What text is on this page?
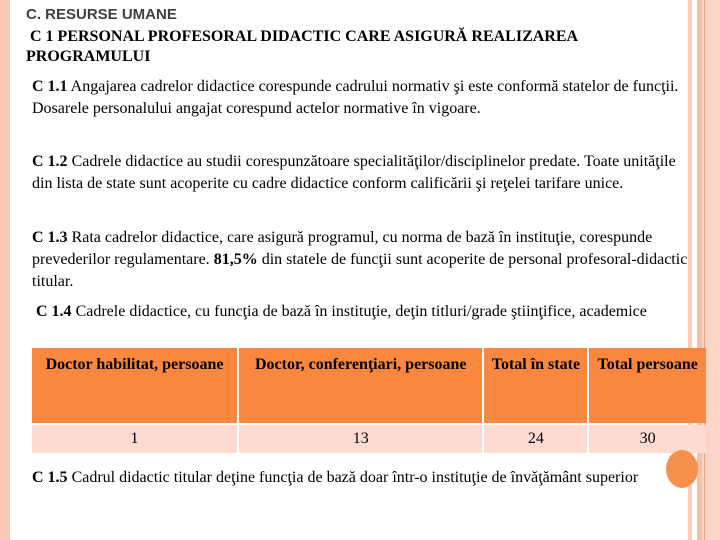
C. RESURSE UMANE
C 1 PERSONAL PROFESORAL DIDACTIC CARE ASIGURĂ REALIZAREA PROGRAMULUI
C 1.1 Angajarea cadrelor didactice corespunde cadrului normativ şi este conformă statelor de funcţii. Dosarele personalului angajat corespund actelor normative în vigoare.
C 1.2 Cadrele didactice au studii corespunzătoare specialităţilor/disciplinelor predate. Toate unităţile din lista de state sunt acoperite cu cadre didactice conform calificării şi reţelei tarifare unice.
C 1.3 Rata cadrelor didactice, care asigură programul, cu norma de bază în instituţie, corespunde prevederilor regulamentare. 81,5% din statele de funcţii sunt acoperite de personal profesoral-didactic titular.
C 1.4 Cadrele didactice, cu funcţia de bază în instituţie, deţin titluri/grade ştiinţifice, academice
Doctor habilitat, persoane	Doctor, conferenţiari, persoane	Total în state	Total persoane
1	13	24	30
C 1.5 Cadrul didactic titular deţine funcţia de bază doar într-o instituţie de învăţământ superior
